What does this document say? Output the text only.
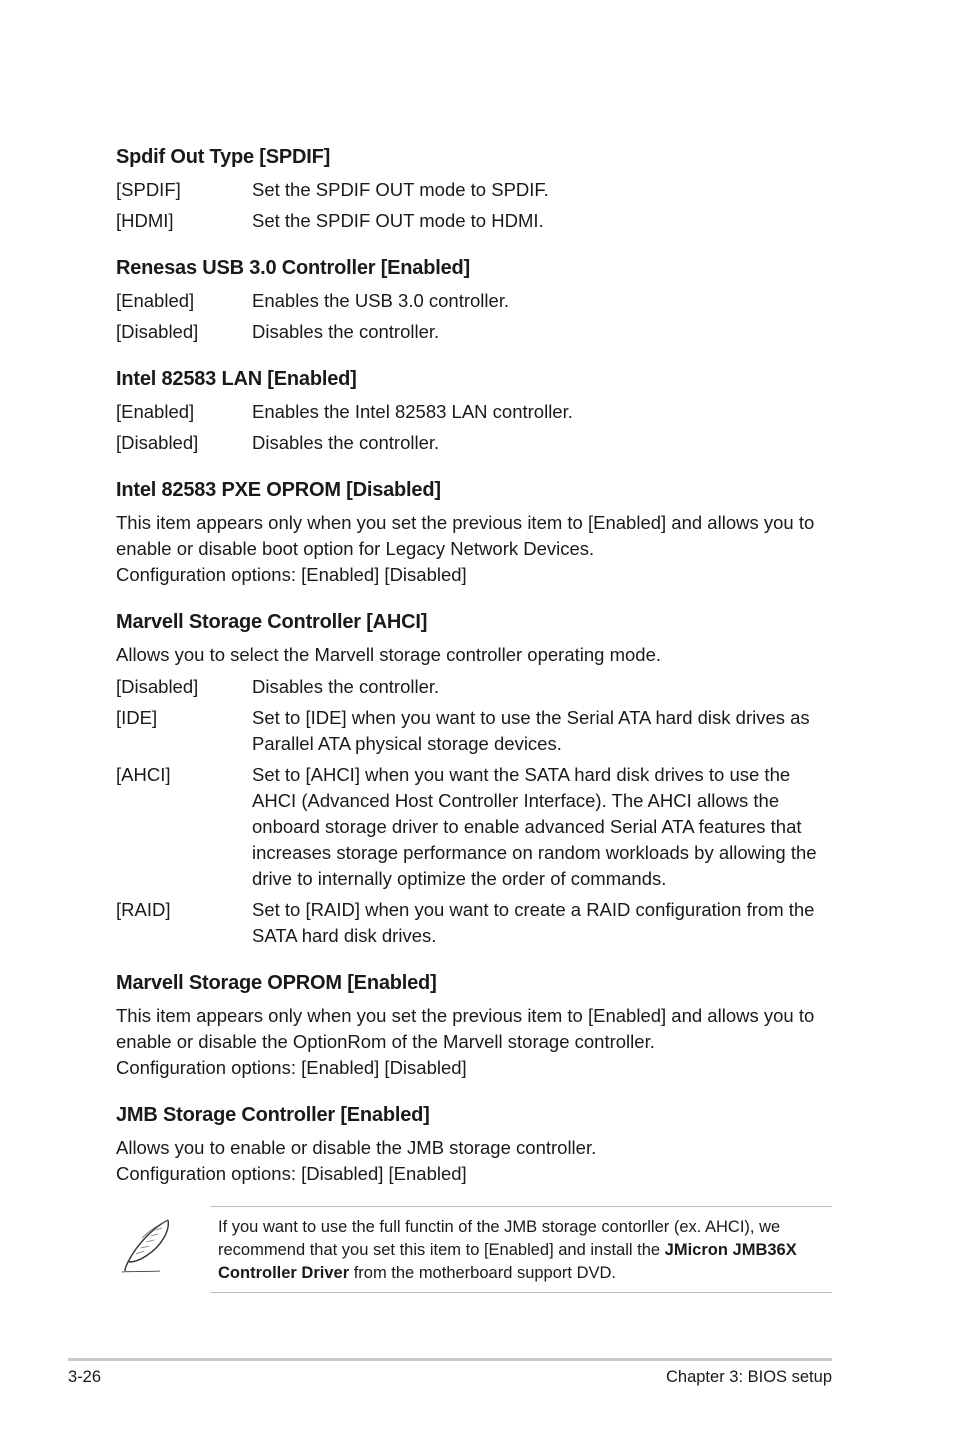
Spdif Out Type [SPDIF]
[SPDIF]	Set the SPDIF OUT mode to SPDIF.
[HDMI]	Set the SPDIF OUT mode to HDMI.
Renesas USB 3.0 Controller [Enabled]
[Enabled]	Enables the USB 3.0 controller.
[Disabled]	Disables the controller.
Intel 82583 LAN [Enabled]
[Enabled]	Enables the Intel 82583 LAN controller.
[Disabled]	Disables the controller.
Intel 82583 PXE OPROM [Disabled]

This item appears only when you set the previous item to [Enabled] and allows you to enable or disable boot option for Legacy Network Devices.

Configuration options: [Enabled] [Disabled]

Marvell Storage Controller [AHCI]

Allows you to select the Marvell storage controller operating mode.

[Disabled]	Disables the controller.
[IDE]	Set to [IDE] when you want to use the Serial ATA hard disk drives as Parallel ATA physical storage devices.
[AHCI]	Set to [AHCI] when you want the SATA hard disk drives to use the AHCI (Advanced Host Controller Interface). The AHCI allows the onboard storage driver to enable advanced Serial ATA features that increases storage performance on random workloads by allowing the drive to internally optimize the order of commands.
[RAID]	Set to [RAID] when you want to create a RAID configuration from the SATA hard disk drives.
Marvell Storage OPROM [Enabled]

This item appears only when you set the previous item to [Enabled] and allows you to enable or disable the OptionRom of the Marvell storage controller.

Configuration options: [Enabled] [Disabled]

JMB Storage Controller [Enabled]

Allows you to enable or disable the JMB storage controller.

Configuration options: [Disabled] [Enabled]

If you want to use the full functin of the JMB storage contorller (ex. AHCI), we recommend that you set this item to [Enabled] and install the JMicron JMB36X Controller Driver from the motherboard support DVD.
3-26	Chapter 3: BIOS setup
